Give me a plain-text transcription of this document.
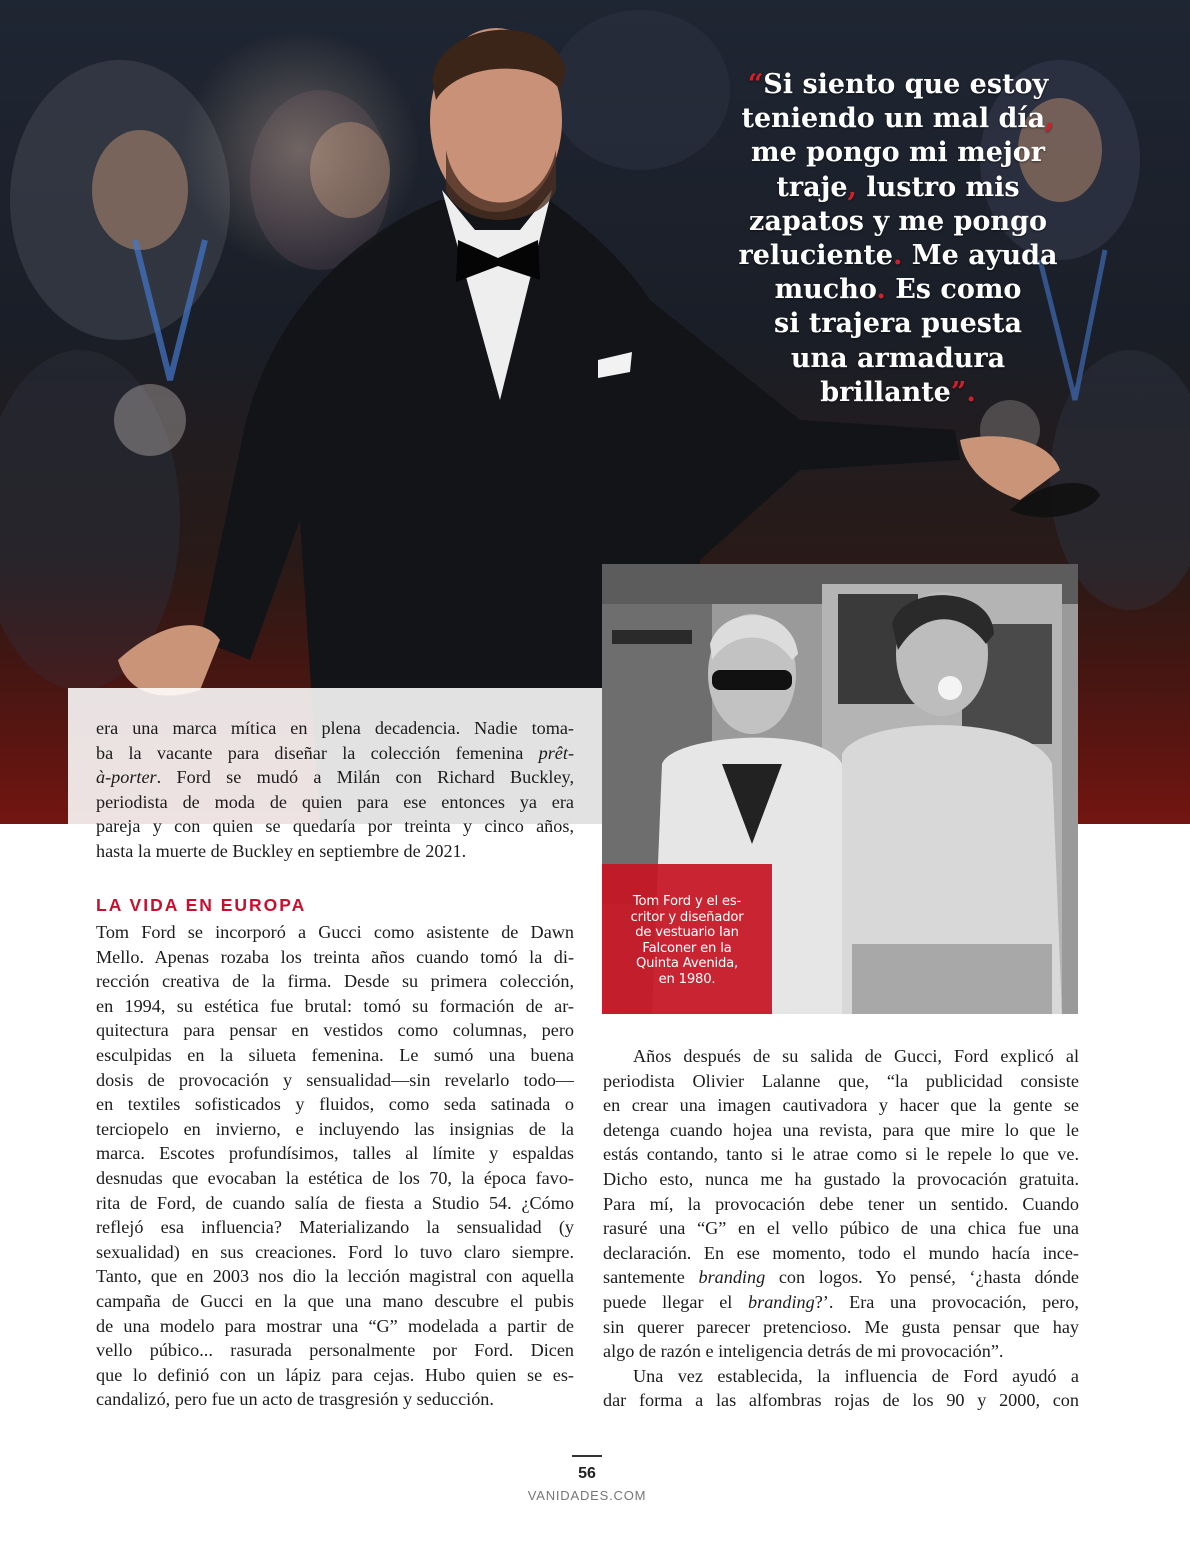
“Si siento que estoy
teniendo un mal día,
me pongo mi mejor
traje, lustro mis
zapatos y me pongo
reluciente. Me ayuda
mucho. Es como
si trajera puesta
una armadura
brillante”.
Tom Ford y el es-
critor y diseñador
de vestuario Ian
Falconer en la
Quinta Avenida,
en 1980.
era una marca mítica en plena decadencia. Nadie toma-
ba la vacante para diseñar la colección femenina prêt-
à-porter. Ford se mudó a Milán con Richard Buckley,
periodista de moda de quien para ese entonces ya era
pareja y con quien se quedaría por treinta y cinco años,
hasta la muerte de Buckley en septiembre de 2021.
LA VIDA EN EUROPA
Tom Ford se incorporó a Gucci como asistente de Dawn
Mello. Apenas rozaba los treinta años cuando tomó la di-
rección creativa de la firma. Desde su primera colección,
en 1994, su estética fue brutal: tomó su formación de ar-
quitectura para pensar en vestidos como columnas, pero
esculpidas en la silueta femenina. Le sumó una buena
dosis de provocación y sensualidad—sin revelarlo todo—
en textiles sofisticados y fluidos, como seda satinada o
terciopelo en invierno, e incluyendo las insignias de la
marca. Escotes profundísimos, talles al límite y espaldas
desnudas que evocaban la estética de los 70, la época favo-
rita de Ford, de cuando salía de fiesta a Studio 54. ¿Cómo
reflejó esa influencia? Materializando la sensualidad (y
sexualidad) en sus creaciones. Ford lo tuvo claro siempre.
Tanto, que en 2003 nos dio la lección magistral con aquella
campaña de Gucci en la que una mano descubre el pubis
de una modelo para mostrar una “G” modelada a partir de
vello púbico... rasurada personalmente por Ford. Dicen
que lo definió con un lápiz para cejas. Hubo quien se es-
candalizó, pero fue un acto de trasgresión y seducción.
Años después de su salida de Gucci, Ford explicó al
periodista Olivier Lalanne que, “la publicidad consiste
en crear una imagen cautivadora y hacer que la gente se
detenga cuando hojea una revista, para que mire lo que le
estás contando, tanto si le atrae como si le repele lo que ve.
Dicho esto, nunca me ha gustado la provocación gratuita.
Para mí, la provocación debe tener un sentido. Cuando
rasuré una “G” en el vello púbico de una chica fue una
declaración. En ese momento, todo el mundo hacía ince-
santemente branding con logos. Yo pensé, ‘¿hasta dónde
puede llegar el branding?’. Era una provocación, pero,
sin querer parecer pretencioso. Me gusta pensar que hay
algo de razón e inteligencia detrás de mi provocación”.
Una vez establecida, la influencia de Ford ayudó a
dar forma a las alfombras rojas de los 90 y 2000, con
56
VANIDADES.COM
